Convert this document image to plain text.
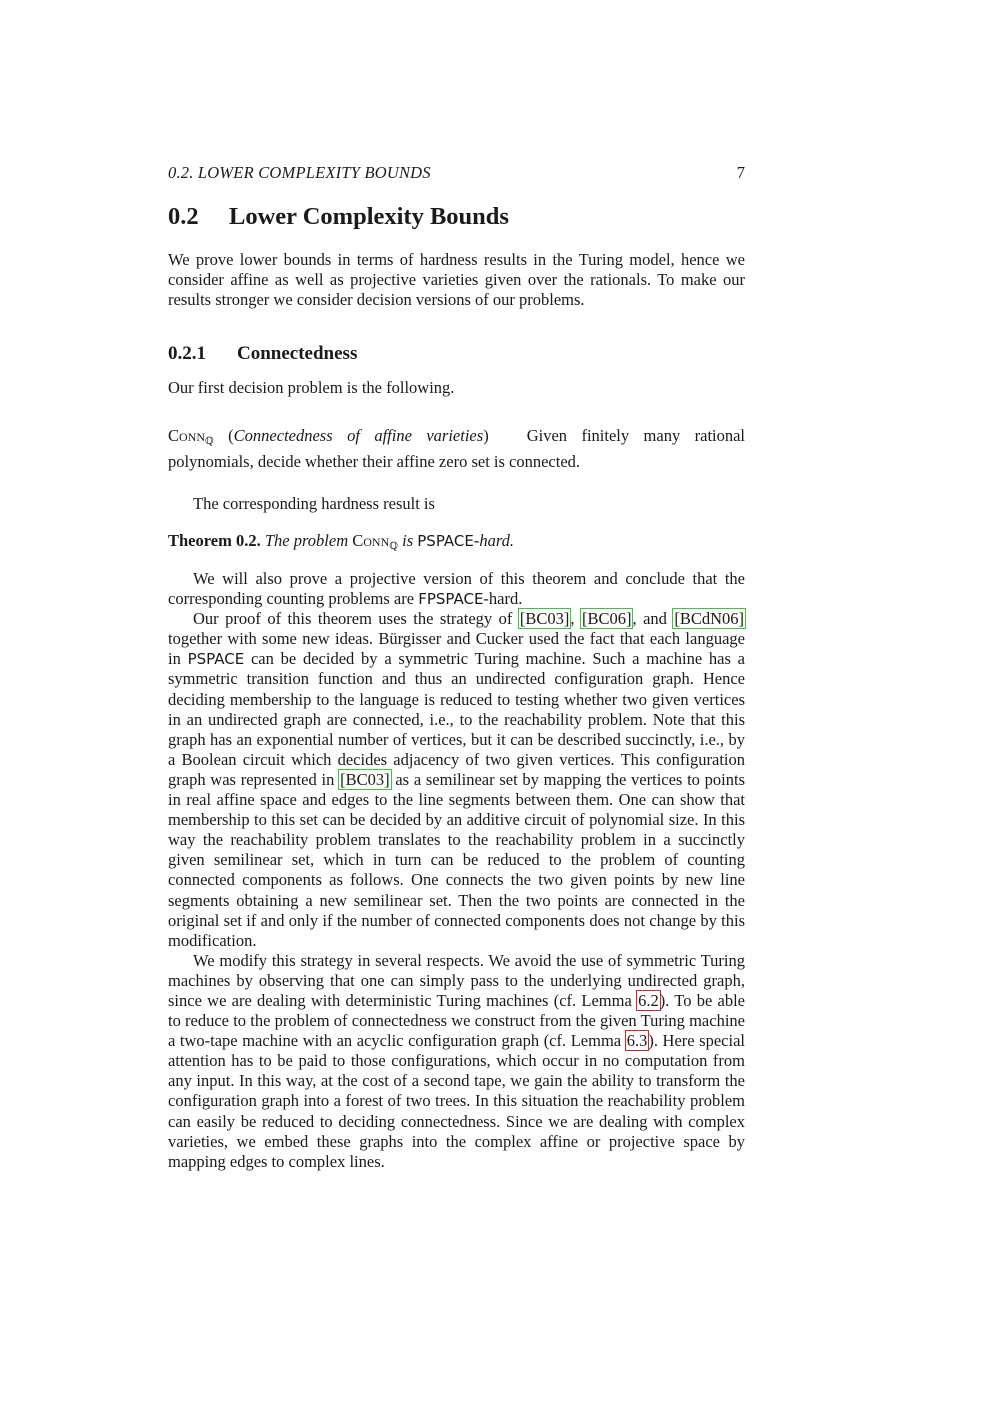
0.2. LOWER COMPLEXITY BOUNDS	7
0.2 Lower Complexity Bounds

We prove lower bounds in terms of hardness results in the Turing model, hence we consider affine as well as projective varieties given over the rationals. To make our results stronger we consider decision versions of our problems.

0.2.1 Connectedness

Our first decision problem is the following.

Conn$_ℚ$ (Connectedness of affine varieties) Given finitely many rational polynomials, decide whether their affine zero set is connected.

The corresponding hardness result is

Theorem 0.2. The problem Conn$_ℚ$ is PSPACE-hard.

We will also prove a projective version of this theorem and conclude that the corresponding counting problems are FPSPACE-hard.

Our proof of this theorem uses the strategy of [BC03], [BC06], and [BCdN06] together with some new ideas. Bürgisser and Cucker used the fact that each language in PSPACE can be decided by a symmetric Turing machine. Such a machine has a symmetric transition function and thus an undirected configuration graph. Hence deciding membership to the language is reduced to testing whether two given vertices in an undirected graph are connected, i.e., to the reachability problem. Note that this graph has an exponential number of vertices, but it can be described succinctly, i.e., by a Boolean circuit which decides adjacency of two given vertices. This configuration graph was represented in [BC03] as a semilinear set by mapping the vertices to points in real affine space and edges to the line segments between them. One can show that membership to this set can be decided by an additive circuit of polynomial size. In this way the reachability problem translates to the reachability problem in a succinctly given semilinear set, which in turn can be reduced to the problem of counting connected components as follows. One connects the two given points by new line segments obtaining a new semilinear set. Then the two points are connected in the original set if and only if the number of connected components does not change by this modification.

We modify this strategy in several respects. We avoid the use of symmetric Turing machines by observing that one can simply pass to the underlying undirected graph, since we are dealing with deterministic Turing machines (cf. Lemma 6.2). To be able to reduce to the problem of connectedness we construct from the given Turing machine a two-tape machine with an acyclic configuration graph (cf. Lemma 6.3). Here special attention has to be paid to those configurations, which occur in no computation from any input. In this way, at the cost of a second tape, we gain the ability to transform the configuration graph into a forest of two trees. In this situation the reachability problem can easily be reduced to deciding connectedness. Since we are dealing with complex varieties, we embed these graphs into the complex affine or projective space by mapping edges to complex lines.
